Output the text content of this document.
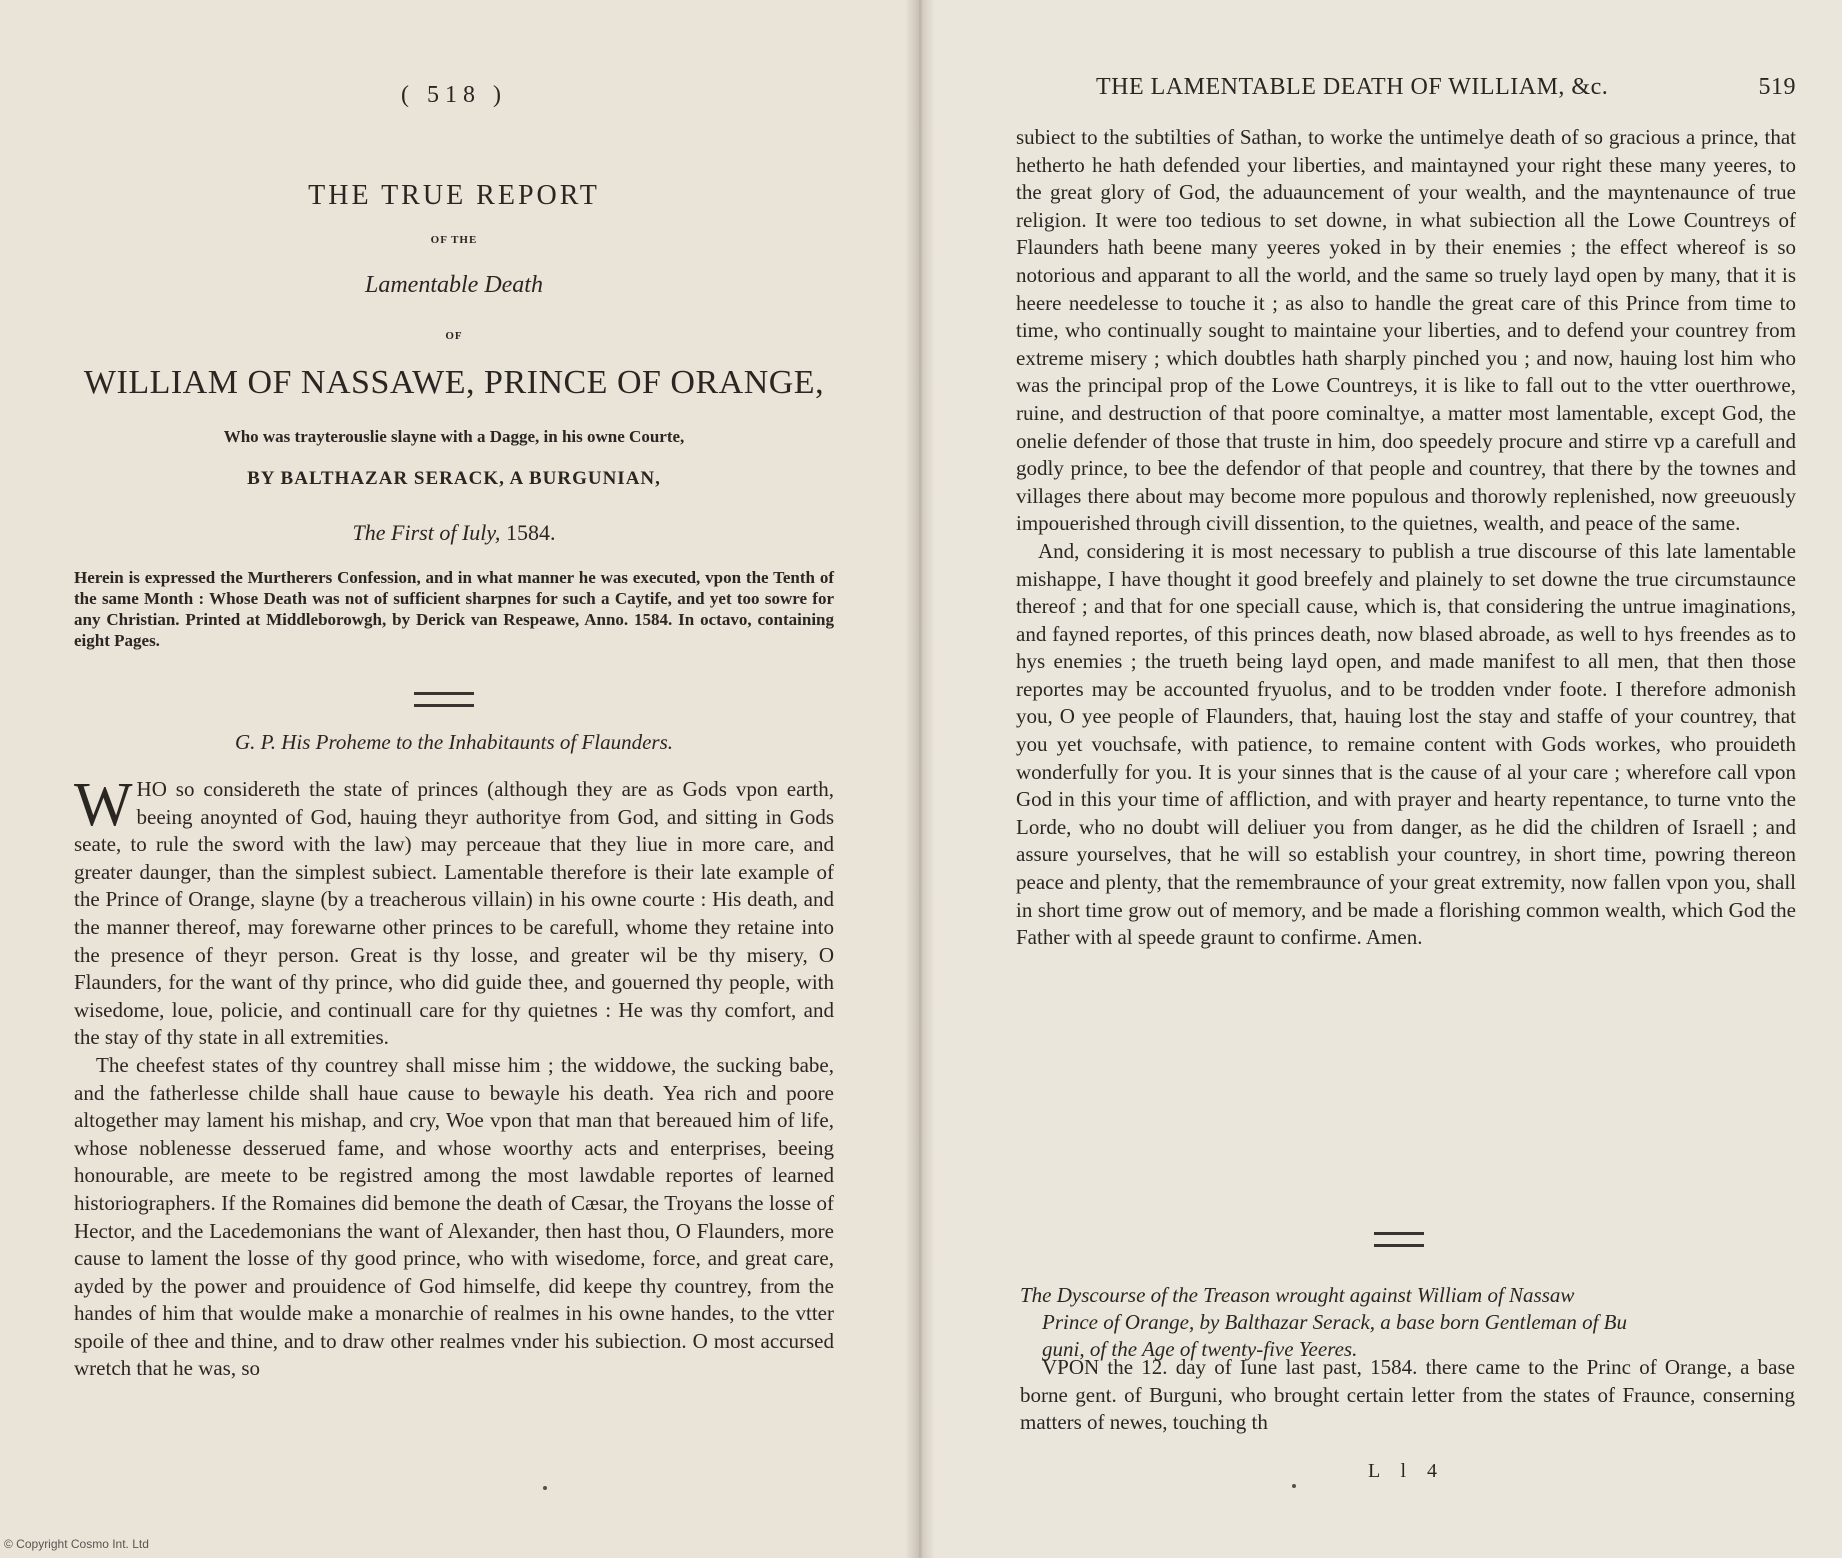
( 518 )
THE TRUE REPORT
OF THE
Lamentable Death
OF
WILLIAM OF NASSAWE, PRINCE OF ORANGE,
Who was trayterouslie slayne with a Dagge, in his owne Courte,
BY BALTHAZAR SERACK, A BURGUNIAN,
The First of Iuly, 1584.
Herein is expressed the Murtherers Confession, and in what manner he was executed, vpon the Tenth of the same Month : Whose Death was not of sufficient sharpnes for such a Caytife, and yet too sowre for any Christian. Printed at Middleborowgh, by Derick van Respeawe, Anno. 1584. In octavo, containing eight Pages.
G. P. His Proheme to the Inhabitaunts of Flaunders.

WHO so considereth the state of princes (although they are as Gods vpon earth, beeing anoynted of God, hauing theyr authoritye from God, and sitting in Gods seate, to rule the sword with the law) may perceaue that they liue in more care, and greater daunger, than the simplest subiect. Lamentable therefore is their late example of the Prince of Orange, slayne (by a treacherous villain) in his owne courte : His death, and the manner thereof, may forewarne other princes to be carefull, whome they retaine into the presence of theyr person. Great is thy losse, and greater wil be thy misery, O Flaunders, for the want of thy prince, who did guide thee, and gouerned thy people, with wisedome, loue, policie, and continuall care for thy quietnes : He was thy comfort, and the stay of thy state in all extremities.

The cheefest states of thy countrey shall misse him ; the widdowe, the sucking babe, and the fatherlesse childe shall haue cause to bewayle his death. Yea rich and poore altogether may lament his mishap, and cry, Woe vpon that man that bereaued him of life, whose noblenesse desserued fame, and whose woorthy acts and enterprises, beeing honourable, are meete to be registred among the most lawdable reportes of learned historiographers. If the Romaines did bemone the death of Cæsar, the Troyans the losse of Hector, and the Lacedemonians the want of Alexander, then hast thou, O Flaunders, more cause to lament the losse of thy good prince, who with wisedome, force, and great care, ayded by the power and prouidence of God himselfe, did keepe thy countrey, from the handes of him that woulde make a monarchie of realmes in his owne handes, to the vtter spoile of thee and thine, and to draw other realmes vnder his subiection. O most accursed wretch that he was, so

THE LAMENTABLE DEATH OF WILLIAM, &c.	519

subiect to the subtilties of Sathan, to worke the untimelye death of so gracious a prince, that hetherto he hath defended your liberties, and maintayned your right these many yeeres, to the great glory of God, the aduauncement of your wealth, and the mayntenaunce of true religion. It were too tedious to set downe, in what subiection all the Lowe Countreys of Flaunders hath beene many yeeres yoked in by their enemies ; the effect whereof is so notorious and apparant to all the world, and the same so truely layd open by many, that it is heere needelesse to touche it ; as also to handle the great care of this Prince from time to time, who continually sought to maintaine your liberties, and to defend your countrey from extreme misery ; which doubtles hath sharply pinched you ; and now, hauing lost him who was the principal prop of the Lowe Countreys, it is like to fall out to the vtter ouerthrowe, ruine, and destruction of that poore cominaltye, a matter most lamentable, except God, the onelie defender of those that truste in him, doo speedely procure and stirre vp a carefull and godly prince, to bee the defendor of that people and countrey, that there by the townes and villages there about may become more populous and thorowly replenished, now greeuously impouerished through civill dissention, to the quietnes, wealth, and peace of the same.

And, considering it is most necessary to publish a true discourse of this late lamentable mishappe, I have thought it good breefely and plainely to set downe the true circumstaunce thereof ; and that for one speciall cause, which is, that considering the untrue imaginations, and fayned reportes, of this princes death, now blased abroade, as well to hys freendes as to hys enemies ; the trueth being layd open, and made manifest to all men, that then those reportes may be accounted fryuolus, and to be trodden vnder foote. I therefore admonish you, O yee people of Flaunders, that, hauing lost the stay and staffe of your countrey, that you yet vouchsafe, with patience, to remaine content with Gods workes, who prouideth wonderfully for you. It is your sinnes that is the cause of al your care ; wherefore call vpon God in this your time of affliction, and with prayer and hearty repentance, to turne vnto the Lorde, who no doubt will deliuer you from danger, as he did the children of Israell ; and assure yourselves, that he will so establish your countrey, in short time, powring thereon peace and plenty, that the remembraunce of your great extremity, now fallen vpon you, shall in short time grow out of memory, and be made a florishing common wealth, which God the Father with al speede graunt to confirme. Amen.

The Dyscourse of the Treason wrought against William of Nassaw
Prince of Orange, by Balthazar Serack, a base born Gentleman of Bu
guni, of the Age of twenty-five Yeeres.

VPON the 12. day of Iune last past, 1584. there came to the Princ of Orange, a base borne gent. of Burguni, who brought certain letter from the states of Fraunce, conserning matters of newes, touching th

L l 4
© Copyright Cosmo Int. Ltd
